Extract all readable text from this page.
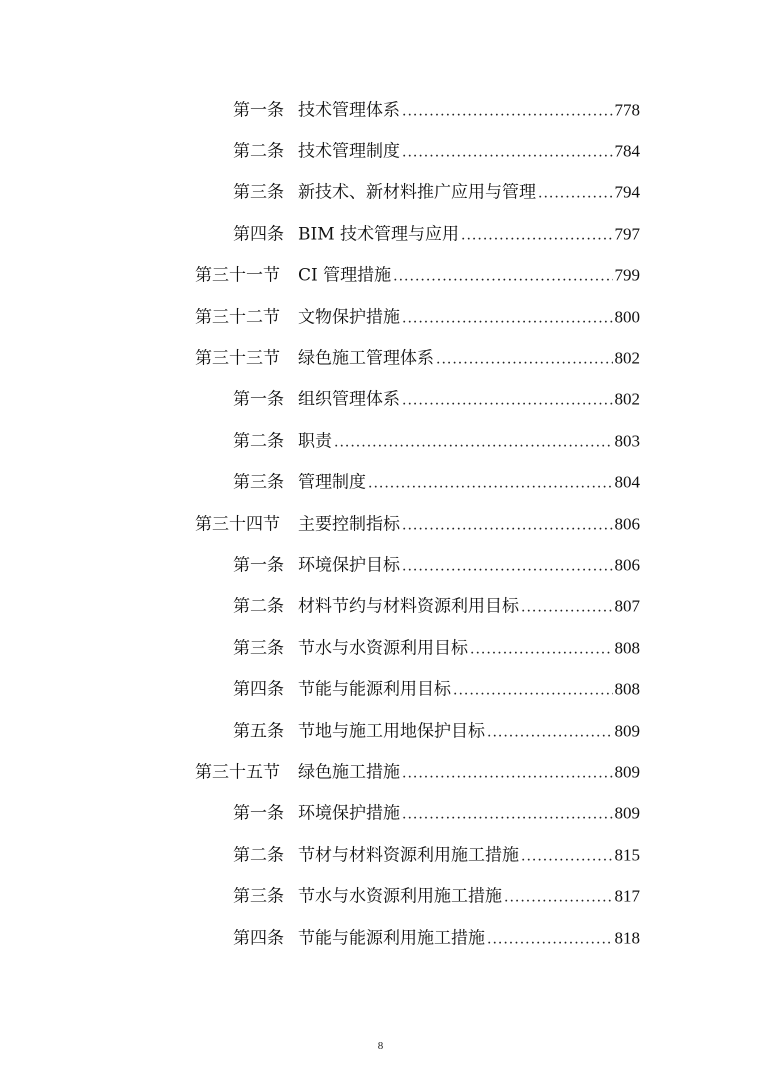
第一条 技术管理体系 .....	778
第二条 技术管理制度 .....	784
第三条 新技术、新材料推广应用与管理 .....	794
第四条 BIM 技术管理与应用 .....	797
第三十一节 CI 管理措施 .....	799
第三十二节 文物保护措施 .....	800
第三十三节 绿色施工管理体系 .....	802
第一条 组织管理体系 .....	802
第二条 职责 .....	803
第三条 管理制度 .....	804
第三十四节 主要控制指标 .....	806
第一条 环境保护目标 .....	806
第二条 材料节约与材料资源利用目标 .....	807
第三条 节水与水资源利用目标 .....	808
第四条 节能与能源利用目标 .....	808
第五条 节地与施工用地保护目标 .....	809
第三十五节 绿色施工措施 .....	809
第一条 环境保护措施 .....	809
第二条 节材与材料资源利用施工措施 .....	815
第三条 节水与水资源利用施工措施 .....	817
第四条 节能与能源利用施工措施 .....	818
8
